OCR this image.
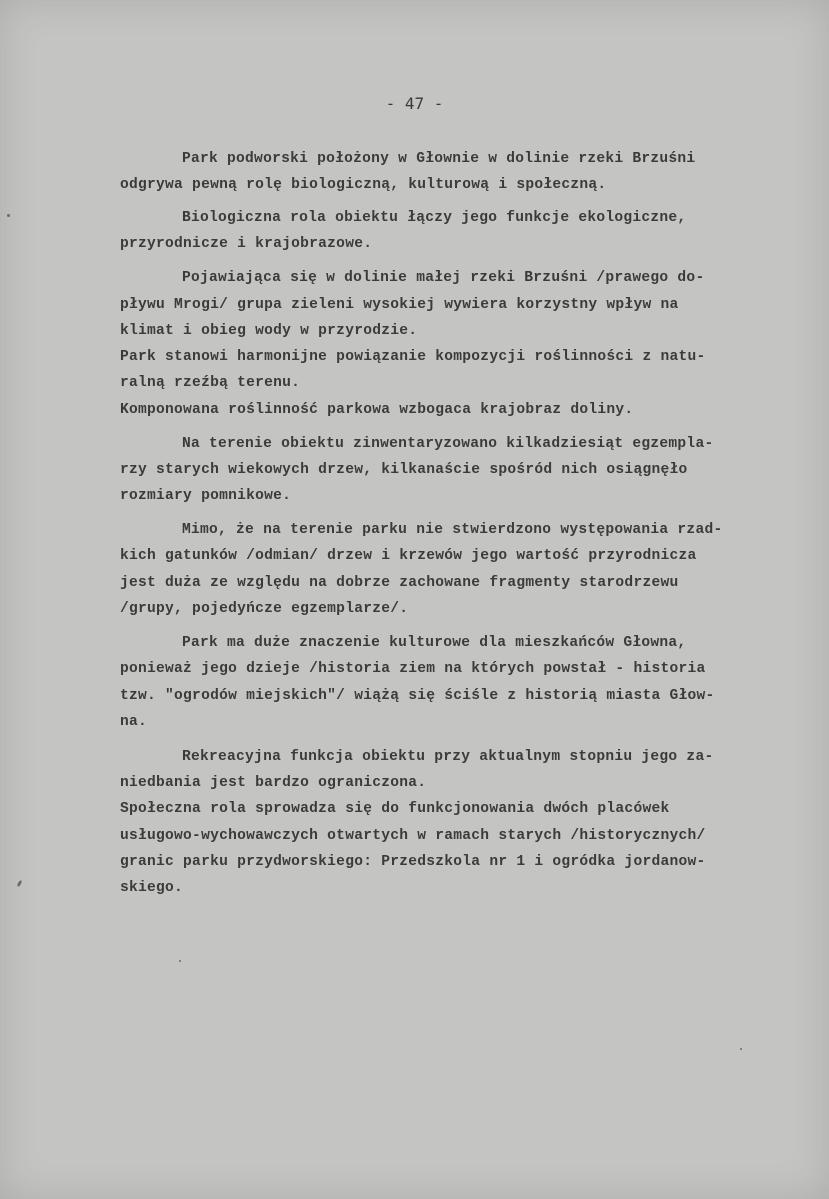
- 47 -
Park podworski położony w Głownie w dolinie rzeki Brzuśni
odgrywa pewną rolę biologiczną, kulturową i społeczną.
Biologiczna rola obiektu łączy jego funkcje ekologiczne,
przyrodnicze i krajobrazowe.
Pojawiająca się w dolinie małej rzeki Brzuśni /prawego do-
pływu Mrogi/ grupa zieleni wysokiej wywiera korzystny wpływ na
klimat i obieg wody w przyrodzie.
Park stanowi harmonijne powiązanie kompozycji roślinności z natu-
ralną rzeźbą terenu.
Komponowana roślinność parkowa wzbogaca krajobraz doliny.
Na terenie obiektu zinwentaryzowano kilkadziesiąt egzempla-
rzy starych wiekowych drzew, kilkanaście spośród nich osiągnęło
rozmiary pomnikowe.
Mimo, że na terenie parku nie stwierdzono występowania rzad-
kich gatunków /odmian/ drzew i krzewów jego wartość przyrodnicza
jest duża ze względu na dobrze zachowane fragmenty starodrzewu
/grupy, pojedyńcze egzemplarze/.
Park ma duże znaczenie kulturowe dla mieszkańców Głowna,
ponieważ jego dzieje /historia ziem na których powstał - historia
tzw. "ogrodów miejskich"/ wiążą się ściśle z historią miasta Głow-
na.
Rekreacyjna funkcja obiektu przy aktualnym stopniu jego za-
niedbania jest bardzo ograniczona.
Społeczna rola sprowadza się do funkcjonowania dwóch placówek
usługowo-wychowawczych otwartych w ramach starych /historycznych/
granic parku przydworskiego: Przedszkola nr 1 i ogródka jordanow-
skiego.
